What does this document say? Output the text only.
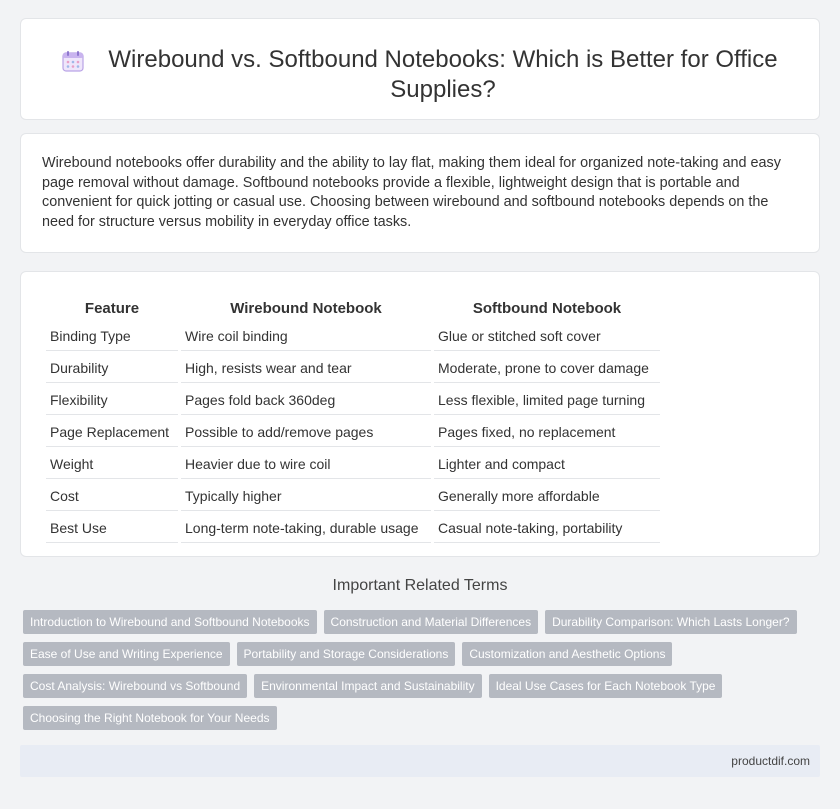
Wirebound vs. Softbound Notebooks: Which is Better for Office Supplies?

Wirebound notebooks offer durability and the ability to lay flat, making them ideal for organized note-taking and easy page removal without damage. Softbound notebooks provide a flexible, lightweight design that is portable and convenient for quick jotting or casual use. Choosing between wirebound and softbound notebooks depends on the need for structure versus mobility in everyday office tasks.

Feature	Wirebound Notebook	Softbound Notebook
Binding Type	Wire coil binding	Glue or stitched soft cover
Durability	High, resists wear and tear	Moderate, prone to cover damage
Flexibility	Pages fold back 360deg	Less flexible, limited page turning
Page Replacement	Possible to add/remove pages	Pages fixed, no replacement
Weight	Heavier due to wire coil	Lighter and compact
Cost	Typically higher	Generally more affordable
Best Use	Long-term note-taking, durable usage	Casual note-taking, portability
Important Related Terms
Introduction to Wirebound and Softbound Notebooks Construction and Material Differences Durability Comparison: Which Lasts Longer?
Ease of Use and Writing Experience Portability and Storage Considerations Customization and Aesthetic Options
Cost Analysis: Wirebound vs Softbound Environmental Impact and Sustainability Ideal Use Cases for Each Notebook Type
Choosing the Right Notebook for Your Needs
productdif.com
